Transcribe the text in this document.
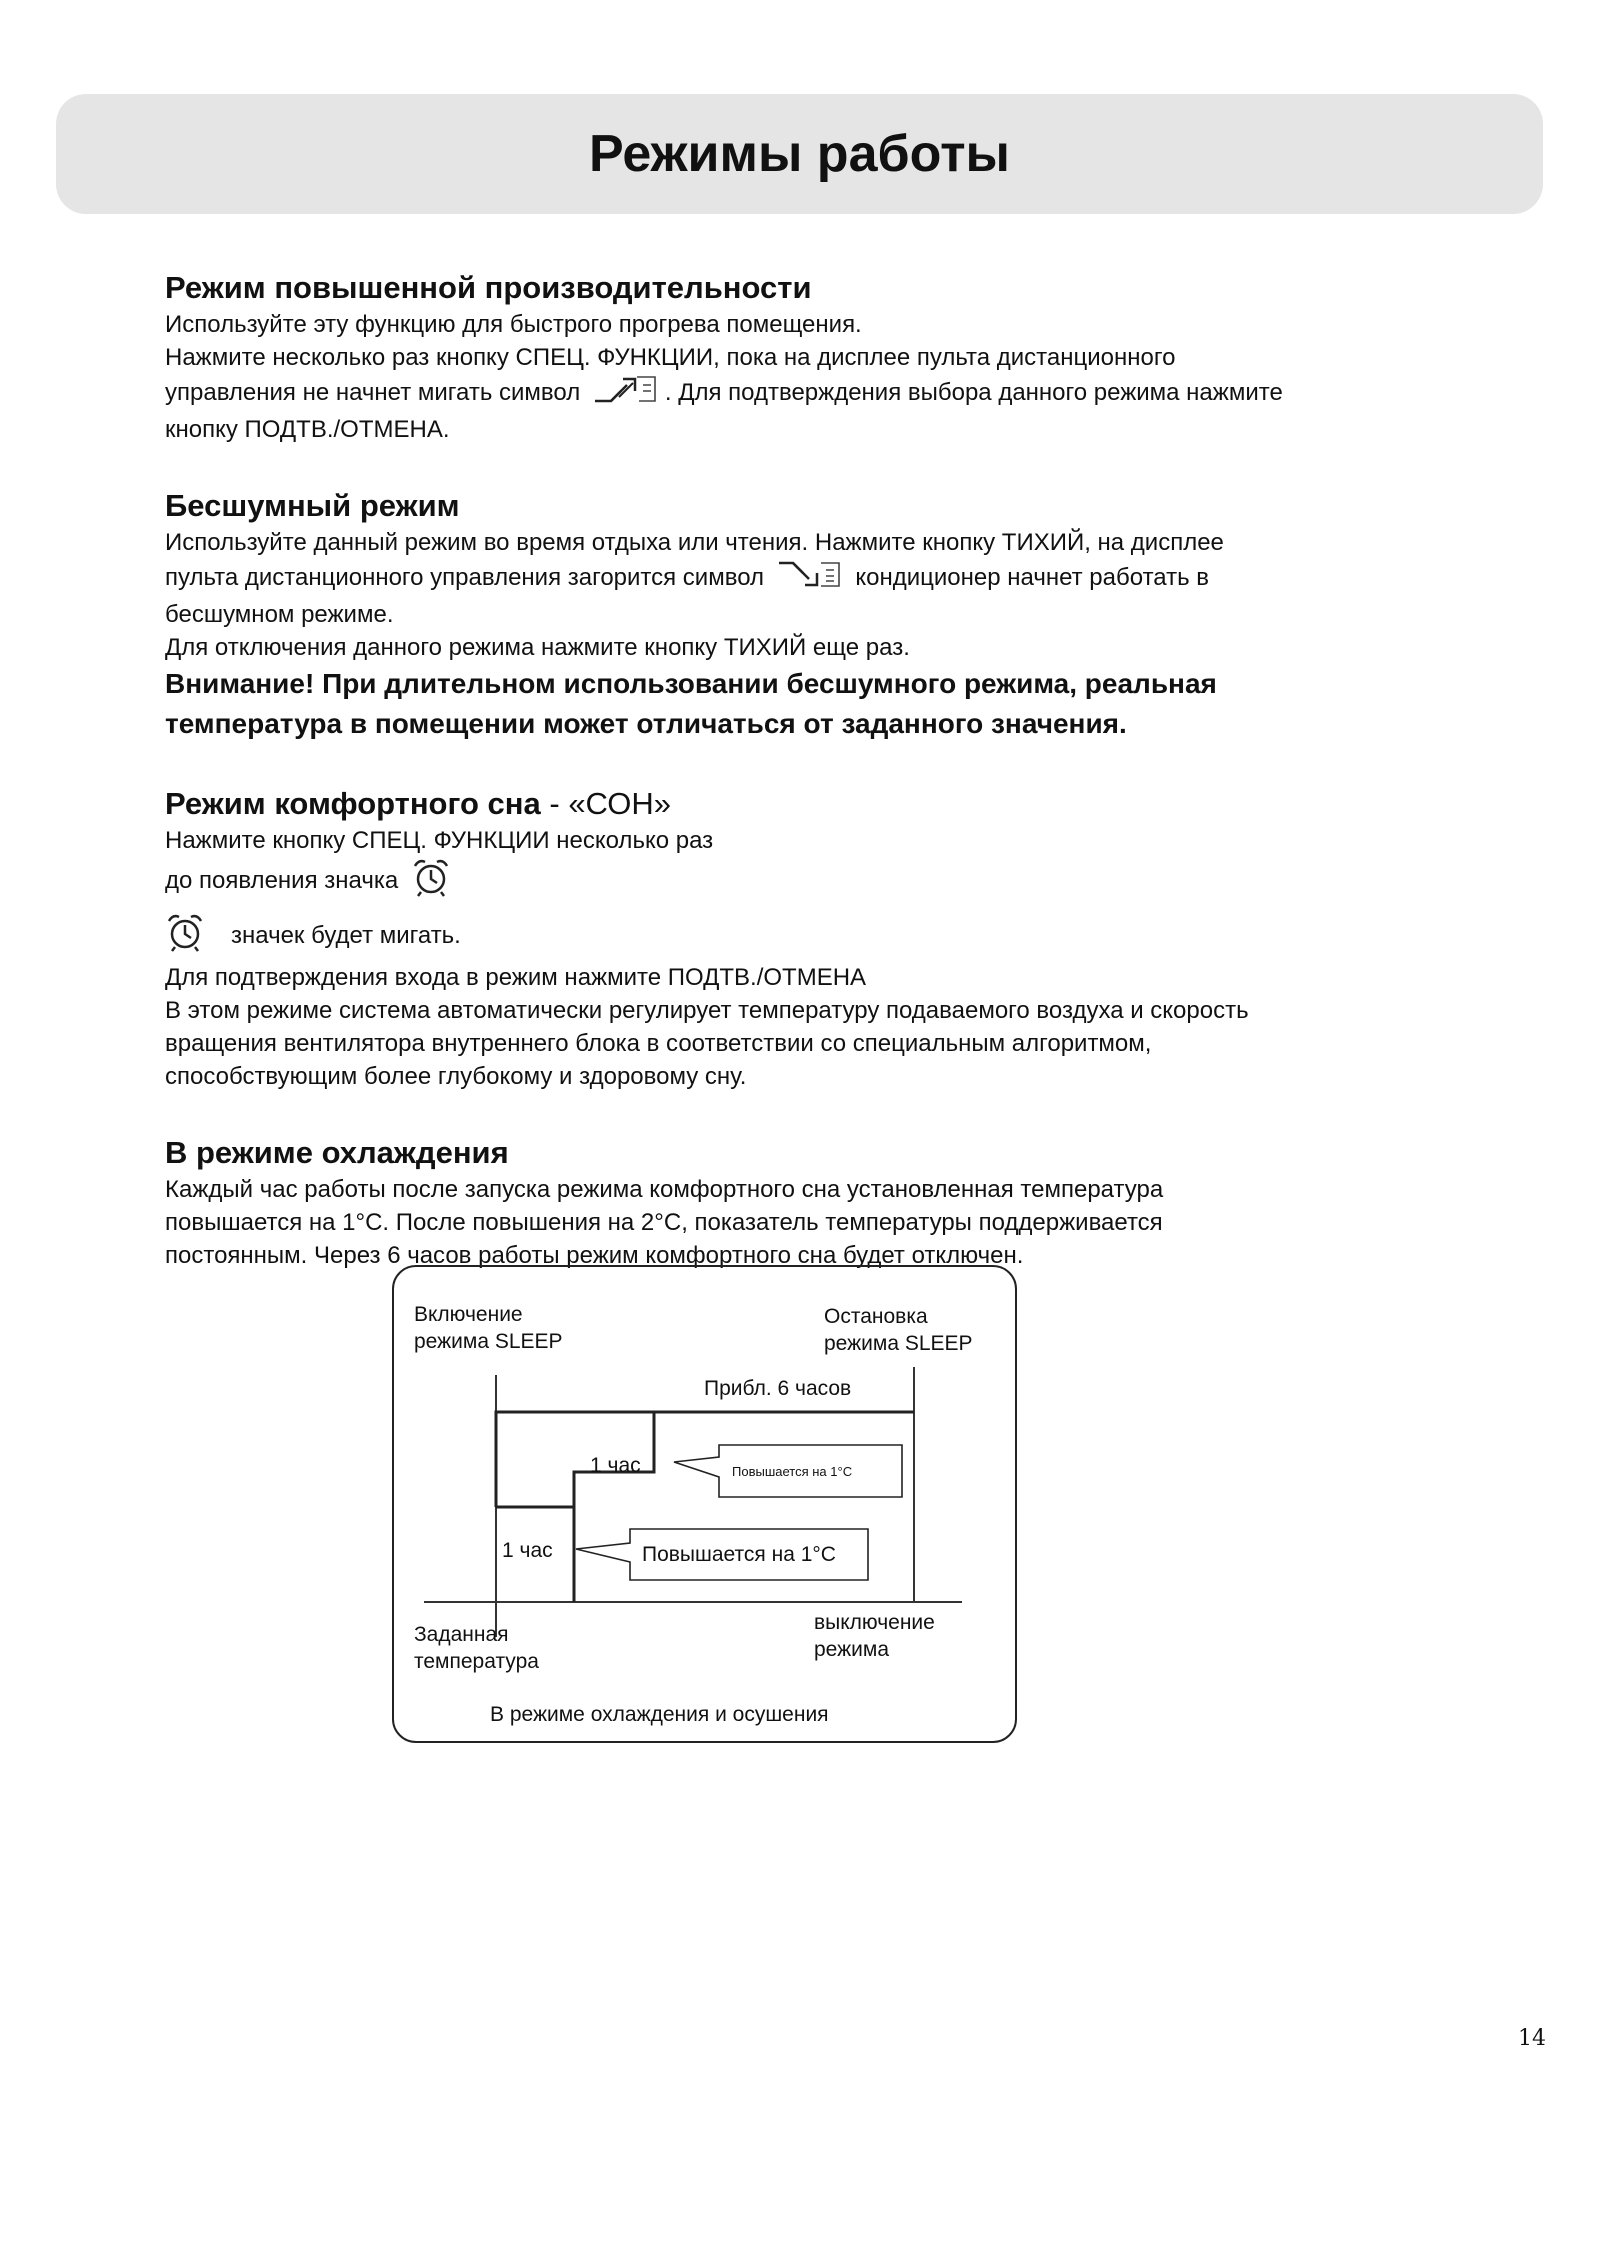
Режимы работы

Режим повышенной производительности

Используйте эту функцию для быстрого прогрева помещения.

Нажмите несколько раз кнопку СПЕЦ. ФУНКЦИИ, пока на дисплее пульта дистанционного

управления не начнет мигать символ	. Для подтверждения выбора данного режима нажмите

кнопку ПОДТВ./ОТМЕНА.

Бесшумный режим

Используйте данный режим во время отдыха или чтения. Нажмите кнопку ТИХИЙ, на дисплее

пульта дистанционного управления загорится символ	кондиционер начнет работать в

бесшумном режиме.

Для отключения данного режима нажмите кнопку ТИХИЙ еще раз.

Внимание! При длительном использовании бесшумного режима, реальная

температура в помещении может отличаться от заданного значения.

Режим комфортного сна - «СОН»

Нажмите кнопку СПЕЦ. ФУНКЦИИ несколько раз

до появления значка

значек будет мигать.

Для подтверждения входа в режим нажмите ПОДТВ./ОТМЕНА

В этом режиме система автоматически регулирует температуру подаваемого воздуха и скорость

вращения вентилятора внутреннего блока в соответствии со специальным алгоритмом,

способствующим более глубокому и здоровому сну.

В режиме охлаждения

Каждый час работы после запуска режима комфортного сна установленная температура

повышается на 1°С. После повышения на 2°С, показатель температуры поддерживается

постоянным. Через 6 часов работы режим комфортного сна будет отключен.

Включение
режима SLEEP
Остановка
режима SLEEP
Прибл. 6 часов
1 час
1 час
Повышается на 1°С
Повышается на 1°С
Заданная
температура
выключение
режима
В режиме охлаждения и осушения
14
